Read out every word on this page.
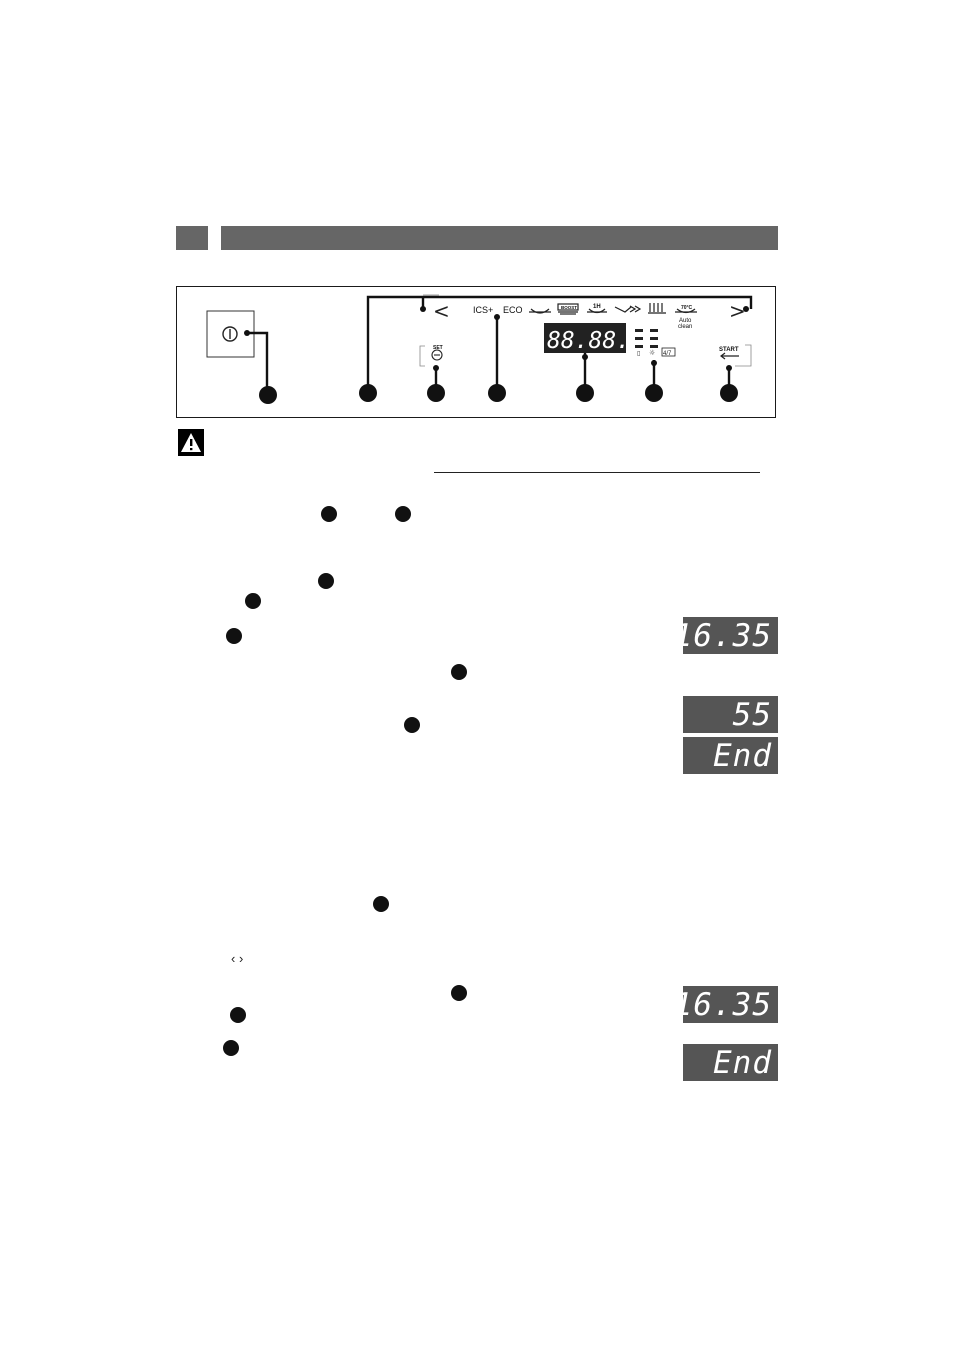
<	>
ICS+ ECO	BOOST	1H	70°C
Auto
clean
88.88. ▯ ☼ 4/7
SET	START
‹ ›
16.35
55
End
16.35
End
